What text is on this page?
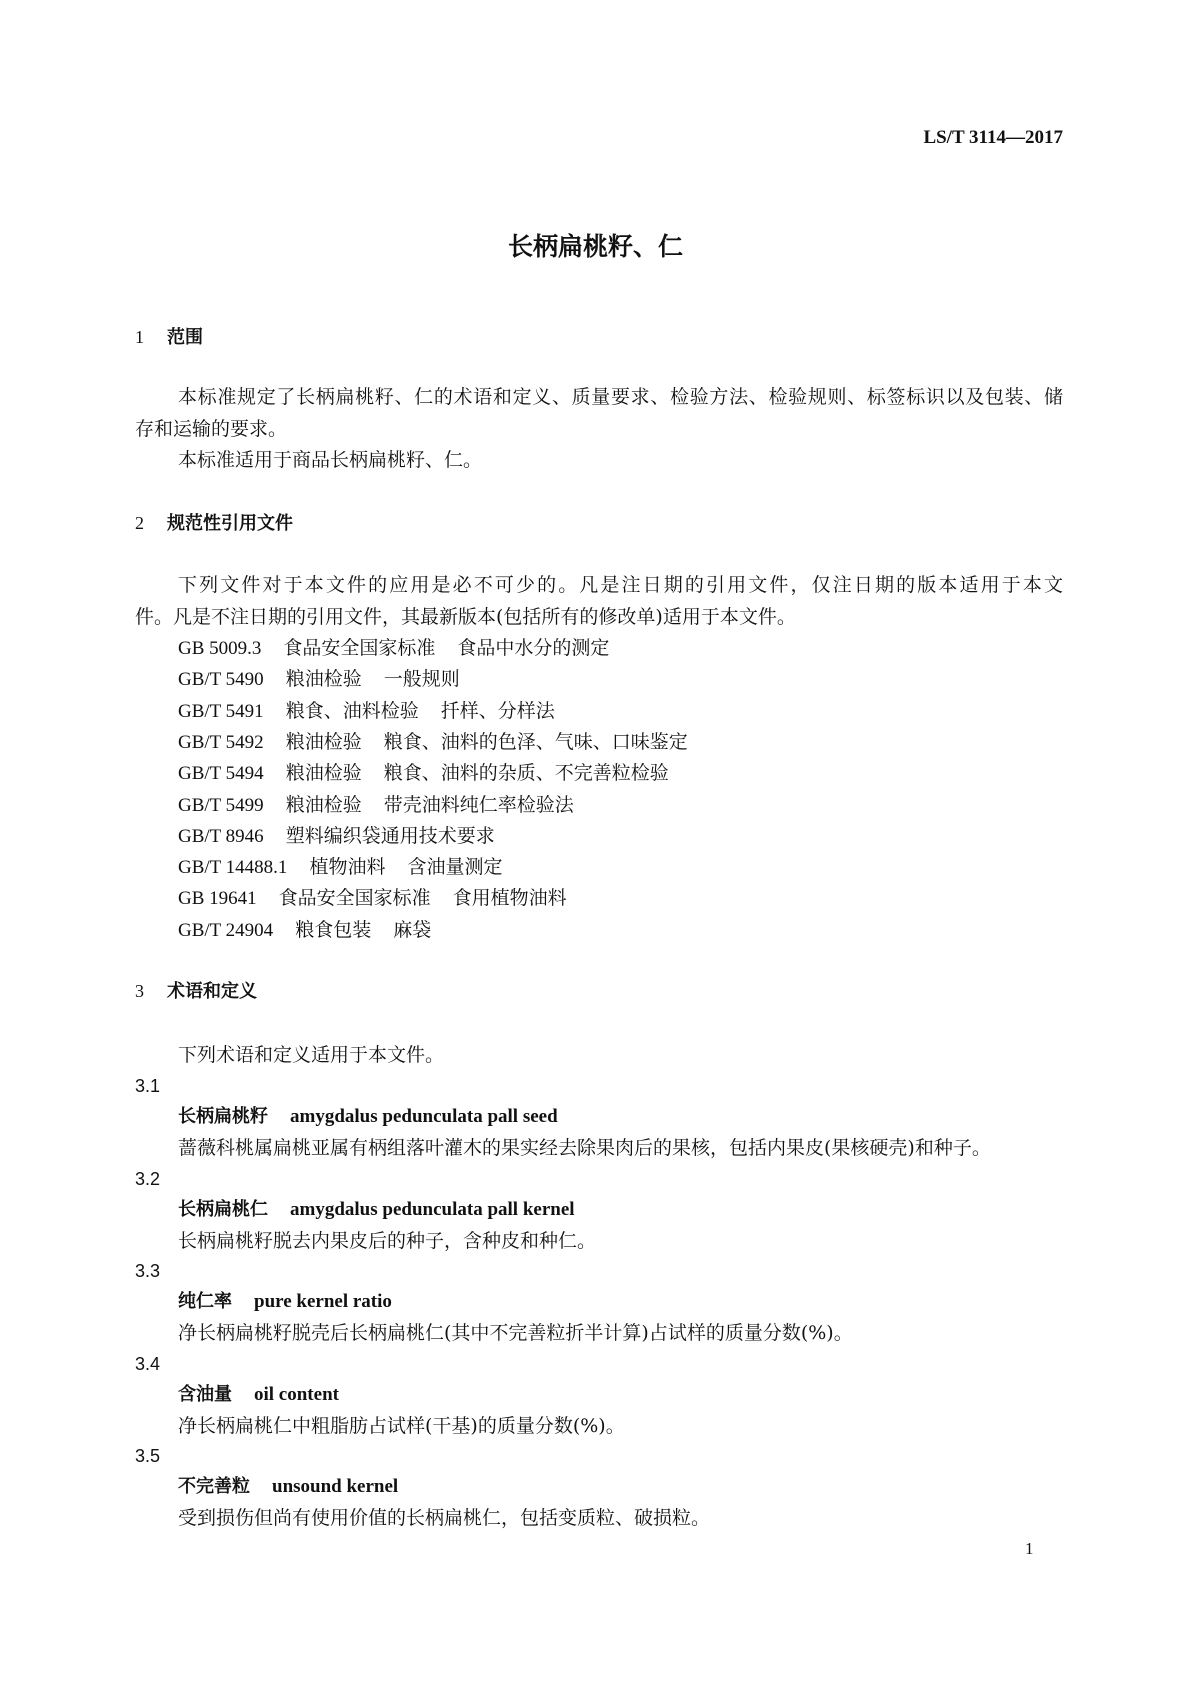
LS/T 3114—2017
长柄扁桃籽、仁
1 范围
本标准规定了长柄扁桃籽、仁的术语和定义、质量要求、检验方法、检验规则、标签标识以及包装、储
存和运输的要求。
本标准适用于商品长柄扁桃籽、仁。
2 规范性引用文件
下列文件对于本文件的应用是必不可少的。凡是注日期的引用文件，仅注日期的版本适用于本文
件。凡是不注日期的引用文件，其最新版本(包括所有的修改单)适用于本文件。
GB 5009.3 食品安全国家标准 食品中水分的测定
GB/T 5490 粮油检验 一般规则
GB/T 5491 粮食、油料检验 扦样、分样法
GB/T 5492 粮油检验 粮食、油料的色泽、气味、口味鉴定
GB/T 5494 粮油检验 粮食、油料的杂质、不完善粒检验
GB/T 5499 粮油检验 带壳油料纯仁率检验法
GB/T 8946 塑料编织袋通用技术要求
GB/T 14488.1 植物油料 含油量测定
GB 19641 食品安全国家标准 食用植物油料
GB/T 24904 粮食包装 麻袋
3 术语和定义
下列术语和定义适用于本文件。
3.1
长柄扁桃籽 amygdalus pedunculata pall seed
蔷薇科桃属扁桃亚属有柄组落叶灌木的果实经去除果肉后的果核，包括内果皮(果核硬壳)和种子。
3.2
长柄扁桃仁 amygdalus pedunculata pall kernel
长柄扁桃籽脱去内果皮后的种子，含种皮和种仁。
3.3
纯仁率 pure kernel ratio
净长柄扁桃籽脱壳后长柄扁桃仁(其中不完善粒折半计算)占试样的质量分数(%)。
3.4
含油量 oil content
净长柄扁桃仁中粗脂肪占试样(干基)的质量分数(%)。
3.5
不完善粒 unsound kernel
受到损伤但尚有使用价值的长柄扁桃仁，包括变质粒、破损粒。
1
